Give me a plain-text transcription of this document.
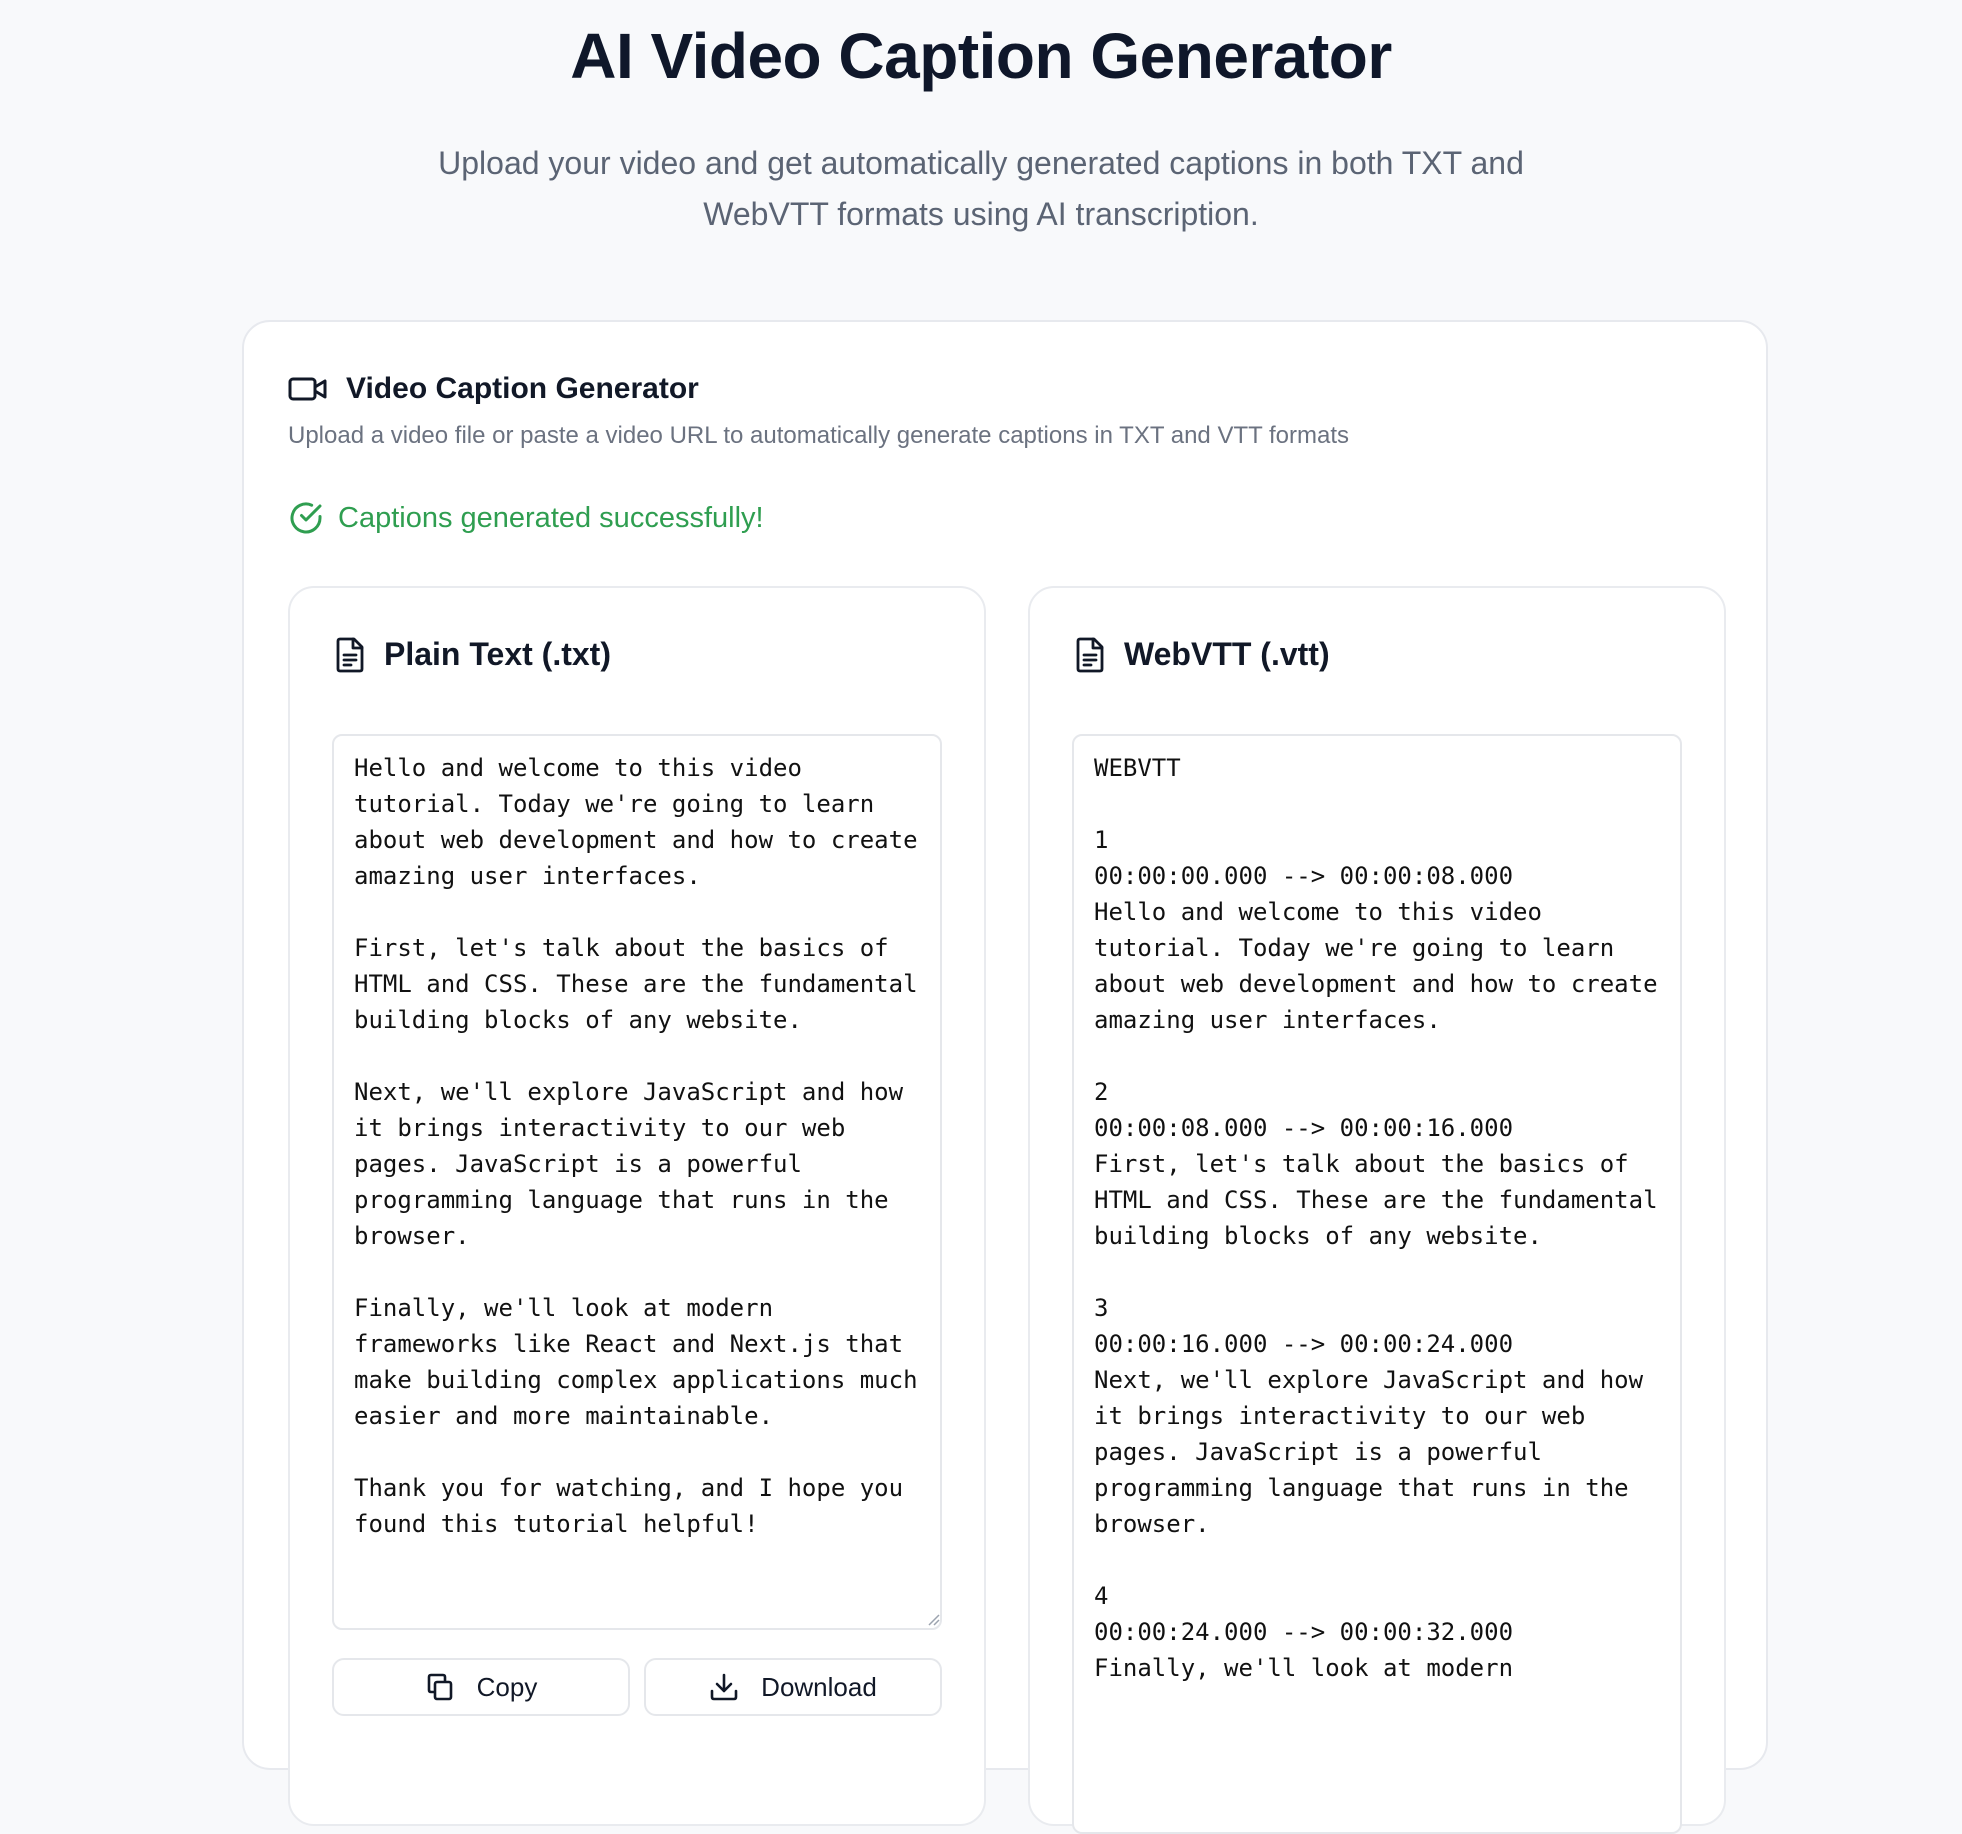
AI Video Caption Generator

Upload your video and get automatically generated captions in both TXT and WebVTT formats using AI transcription.

Video Caption Generator
Upload a video file or paste a video URL to automatically generate captions in TXT and VTT formats
Captions generated successfully!
Plain Text (.txt)
Hello and welcome to this video tutorial. Today we're going to learn about web development and how to create amazing user interfaces.

First, let's talk about the basics of HTML and CSS. These are the fundamental building blocks of any website.

Next, we'll explore JavaScript and how it brings interactivity to our web pages. JavaScript is a powerful programming language that runs in the browser.

Finally, we'll look at modern frameworks like React and Next.js that make building complex applications much easier and more maintainable.

Thank you for watching, and I hope you found this tutorial helpful!
Copy	Download
WebVTT (.vtt)
WEBVTT

1
00:00:00.000 --> 00:00:08.000
Hello and welcome to this video tutorial. Today we're going to learn about web development and how to create amazing user interfaces.

2
00:00:08.000 --> 00:00:16.000
First, let's talk about the basics of HTML and CSS. These are the fundamental building blocks of any website.

3
00:00:16.000 --> 00:00:24.000
Next, we'll explore JavaScript and how it brings interactivity to our web pages. JavaScript is a powerful programming language that runs in the browser.

4
00:00:24.000 --> 00:00:32.000
Finally, we'll look at modern
